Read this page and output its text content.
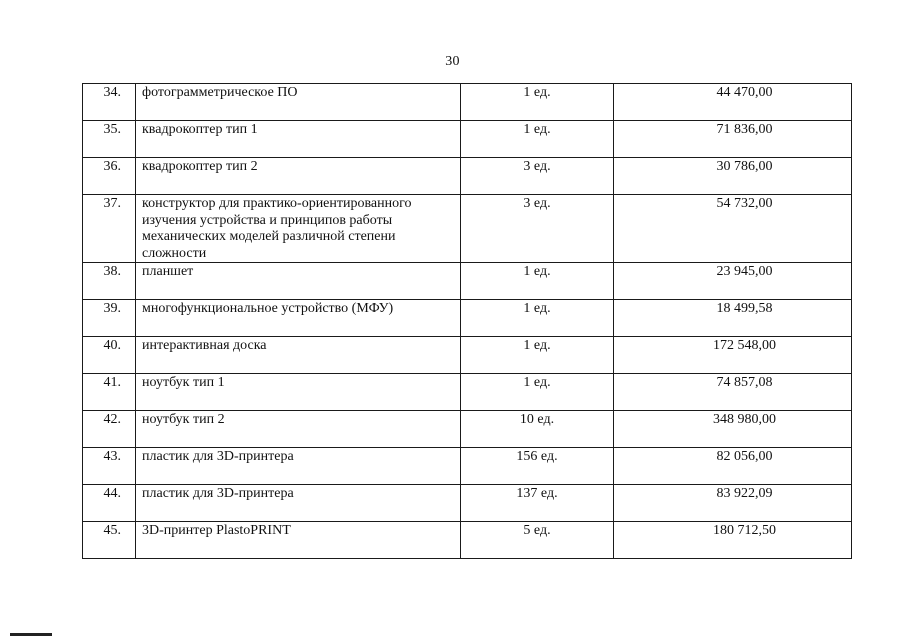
30
34.	фотограмметрическое ПО	1 ед.	44 470,00
35.	квадрокоптер тип 1	1 ед.	71 836,00
36.	квадрокоптер тип 2	3 ед.	30 786,00
37.	конструктор для практико-ориентированного изучения устройства и принципов работы механических моделей различной степени сложности	3 ед.	54 732,00
38.	планшет	1 ед.	23 945,00
39.	многофункциональное устройство (МФУ)	1 ед.	18 499,58
40.	интерактивная доска	1 ед.	172 548,00
41.	ноутбук тип 1	1 ед.	74 857,08
42.	ноутбук тип 2	10 ед.	348 980,00
43.	пластик для 3D-принтера	156 ед.	82 056,00
44.	пластик для 3D-принтера	137 ед.	83 922,09
45.	3D-принтер PlastoPRINT	5 ед.	180 712,50
